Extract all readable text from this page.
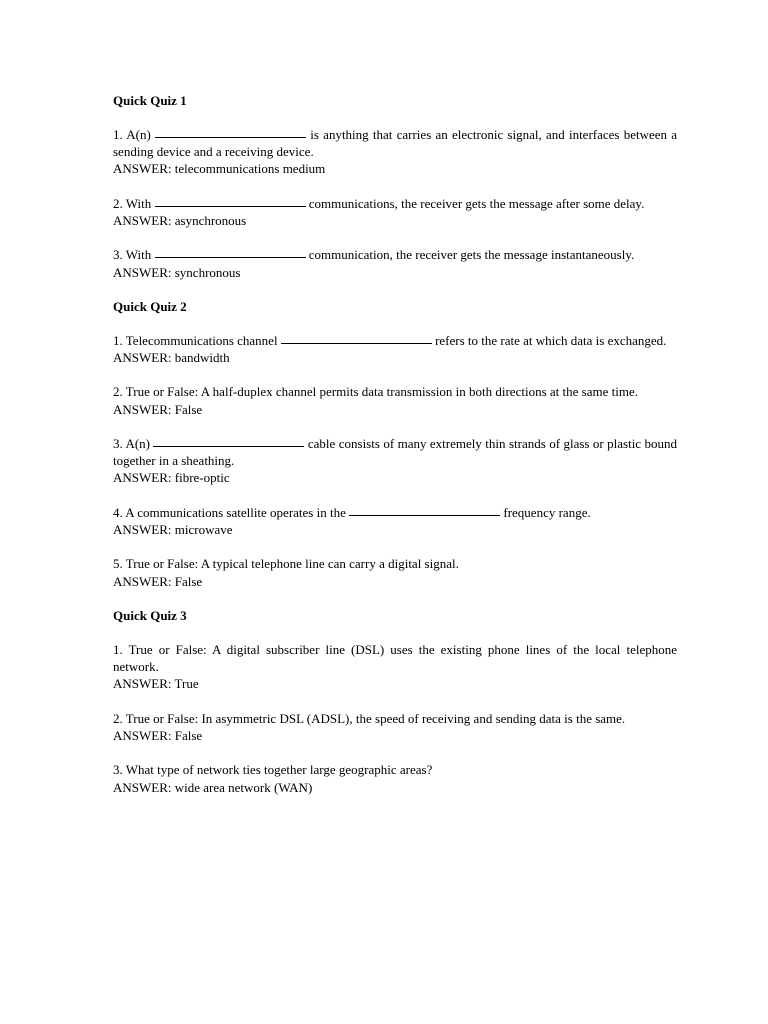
Quick Quiz 1

1. A(n)	is anything that carries an electronic signal, and interfaces between a sending device and a receiving device.

ANSWER: telecommunications medium

2. With	communications, the receiver gets the message after some delay.

ANSWER: asynchronous

3. With	communication, the receiver gets the message instantaneously.

ANSWER: synchronous

Quick Quiz 2

1. Telecommunications channel	refers to the rate at which data is exchanged.

ANSWER: bandwidth

2. True or False: A half-duplex channel permits data transmission in both directions at the same time.

ANSWER: False

3. A(n)	cable consists of many extremely thin strands of glass or plastic bound together in a sheathing.

ANSWER: fibre-optic

4. A communications satellite operates in the	frequency range.

ANSWER: microwave

5. True or False: A typical telephone line can carry a digital signal.

ANSWER: False

Quick Quiz 3

1. True or False: A digital subscriber line (DSL) uses the existing phone lines of the local telephone network.

ANSWER: True

2. True or False: In asymmetric DSL (ADSL), the speed of receiving and sending data is the same.

ANSWER: False

3. What type of network ties together large geographic areas?

ANSWER: wide area network (WAN)
